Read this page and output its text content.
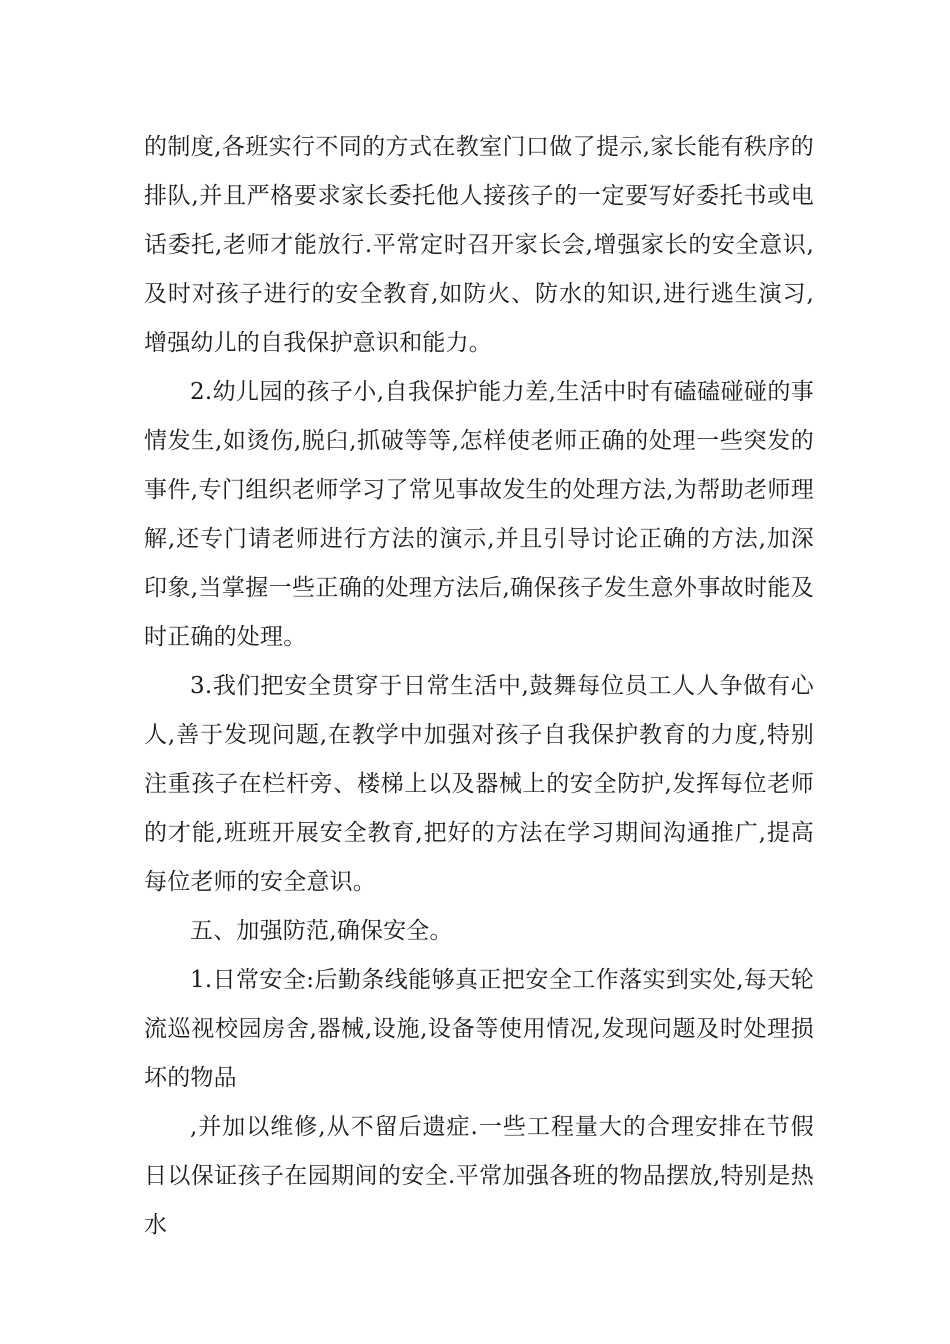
的制度,各班实行不同的方式在教室门口做了提示,家长能有秩序的排队,并且严格要求家长委托他人接孩子的一定要写好委托书或电话委托,老师才能放行.平常定时召开家长会,增强家长的安全意识,及时对孩子进行的安全教育,如防火、防水的知识,进行逃生演习,增强幼儿的自我保护意识和能力。

2.幼儿园的孩子小,自我保护能力差,生活中时有磕磕碰碰的事情发生,如烫伤,脱臼,抓破等等,怎样使老师正确的处理一些突发的事件,专门组织老师学习了常见事故发生的处理方法,为帮助老师理解,还专门请老师进行方法的演示,并且引导讨论正确的方法,加深印象,当掌握一些正确的处理方法后,确保孩子发生意外事故时能及时正确的处理。

3.我们把安全贯穿于日常生活中,鼓舞每位员工人人争做有心人,善于发现问题,在教学中加强对孩子自我保护教育的力度,特别注重孩子在栏杆旁、楼梯上以及器械上的安全防护,发挥每位老师的才能,班班开展安全教育,把好的方法在学习期间沟通推广,提高每位老师的安全意识。

五、加强防范,确保安全。

1.日常安全:后勤条线能够真正把安全工作落实到实处,每天轮流巡视校园房舍,器械,设施,设备等使用情况,发现问题及时处理损坏的物品

,并加以维修,从不留后遗症.一些工程量大的合理安排在节假日以保证孩子在园期间的安全.平常加强各班的物品摆放,特别是热水
